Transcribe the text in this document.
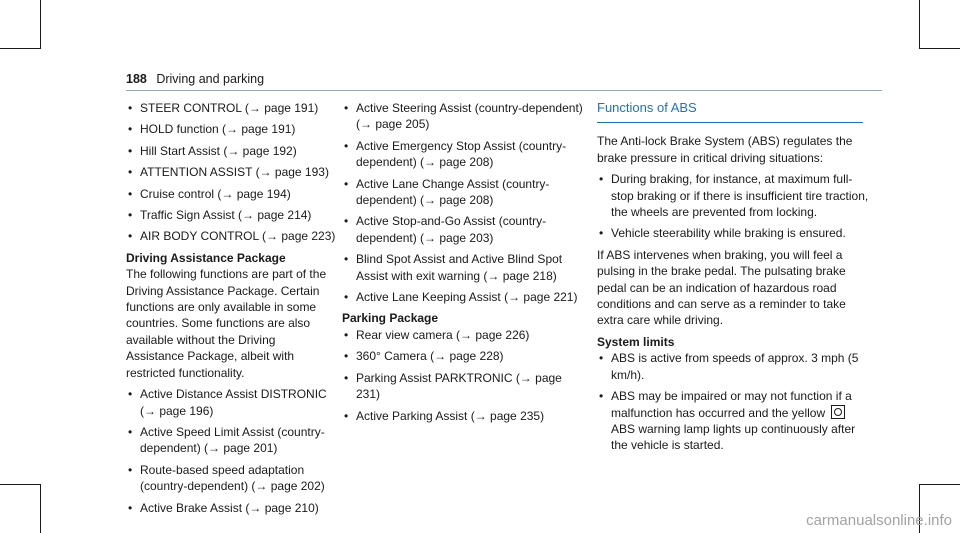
188 Driving and parking
• STEER CONTROL (→ page 191)
• HOLD function (→ page 191)
• Hill Start Assist (→ page 192)
• ATTENTION ASSIST (→ page 193)
• Cruise control (→ page 194)
• Traffic Sign Assist (→ page 214)
• AIR BODY CONTROL (→ page 223)
Driving Assistance Package

The following functions are part of the Driving Assistance Package. Certain functions are only available in some countries. Some functions are also available without the Driving Assistance Package, albeit with restricted functionality.

• Active Distance Assist DISTRONIC (→ page 196)
• Active Speed Limit Assist (country-dependent) (→ page 201)
• Route-based speed adaptation (country-dependent) (→ page 202)
• Active Brake Assist (→ page 210)
• Active Steering Assist (country-dependent) (→ page 205)
• Active Emergency Stop Assist (country-dependent) (→ page 208)
• Active Lane Change Assist (country-dependent) (→ page 208)
• Active Stop-and-Go Assist (country-dependent) (→ page 203)
• Blind Spot Assist and Active Blind Spot Assist with exit warning (→ page 218)
• Active Lane Keeping Assist (→ page 221)
Parking Package
• Rear view camera (→ page 226)
• 360° Camera (→ page 228)
• Parking Assist PARKTRONIC (→ page 231)
• Active Parking Assist (→ page 235)
Functions of ABS

The Anti-lock Brake System (ABS) regulates the brake pressure in critical driving situations:

• During braking, for instance, at maximum full-stop braking or if there is insufficient tire traction, the wheels are prevented from locking.
• Vehicle steerability while braking is ensured.

If ABS intervenes when braking, you will feel a pulsing in the brake pedal. The pulsating brake pedal can be an indication of hazardous road conditions and can serve as a reminder to take extra care while driving.

System limits
• ABS is active from speeds of approx. 3 mph (5 km/h).
• ABS may be impaired or may not function if a malfunction has occurred and the yellow  ABS warning lamp lights up continuously after the vehicle is started.
carmanualsonline.info
